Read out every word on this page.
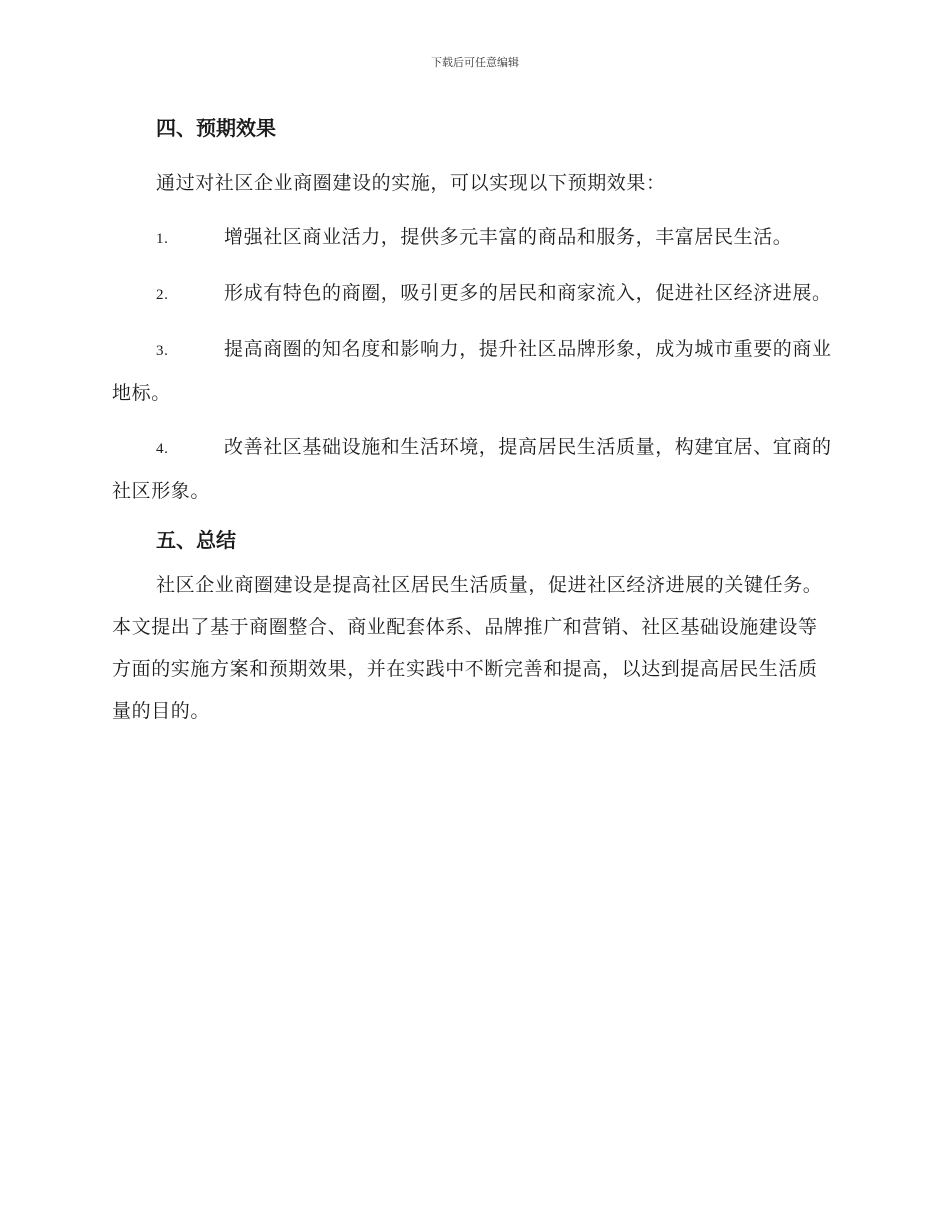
下载后可任意编辑
四、预期效果

通过对社区企业商圈建设的实施，可以实现以下预期效果：

1.	增强社区商业活力，提供多元丰富的商品和服务，丰富居民生活。

2.	形成有特色的商圈，吸引更多的居民和商家流入，促进社区经济进展。

3.	提高商圈的知名度和影响力，提升社区品牌形象，成为城市重要的商业地标。

4.	改善社区基础设施和生活环境，提高居民生活质量，构建宜居、宜商的社区形象。

五、总结

社区企业商圈建设是提高社区居民生活质量，促进社区经济进展的关键任务。本文提出了基于商圈整合、商业配套体系、品牌推广和营销、社区基础设施建设等方面的实施方案和预期效果，并在实践中不断完善和提高，以达到提高居民生活质量的目的。
